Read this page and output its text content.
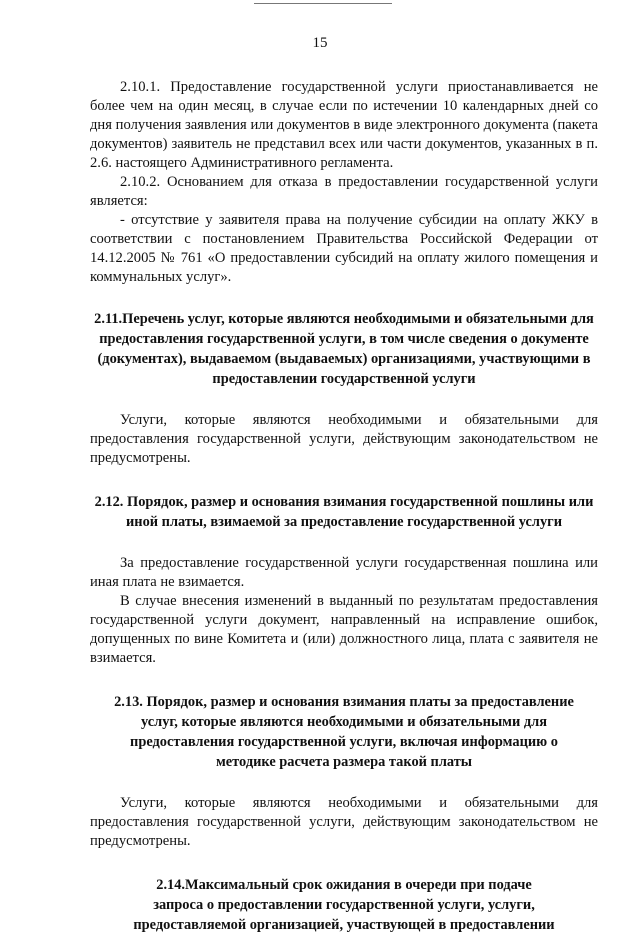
15

2.10.1. Предоставление государственной услуги приостанавливается не более чем на один месяц, в случае если по истечении 10 календарных дней со дня получения заявления или документов в виде электронного документа (пакета документов) заявитель не представил всех или части документов, указанных в п. 2.6. настоящего Административного регламента.

2.10.2. Основанием для отказа в предоставлении государственной услуги является:

- отсутствие у заявителя права на получение субсидии на оплату ЖКУ в соответствии с постановлением Правительства Российской Федерации от 14.12.2005 № 761 «О предоставлении субсидий на оплату жилого помещения и коммунальных услуг».

2.11.Перечень услуг, которые являются необходимыми и обязательными для предоставления государственной услуги, в том числе сведения о документе (документах), выдаваемом (выдаваемых) организациями, участвующими в предоставлении государственной услуги

Услуги, которые являются необходимыми и обязательными для предоставления государственной услуги, действующим законодательством не предусмотрены.

2.12. Порядок, размер и основания взимания государственной пошлины или иной платы, взимаемой за предоставление государственной услуги

За предоставление государственной услуги государственная пошлина или иная плата не взимается.

В случае внесения изменений в выданный по результатам предоставления государственной услуги документ, направленный на исправление ошибок, допущенных по вине Комитета и (или) должностного лица, плата с заявителя не взимается.

2.13. Порядок, размер и основания взимания платы за предоставление услуг, которые являются необходимыми и обязательными для предоставления государственной услуги, включая информацию о методике расчета размера такой платы

Услуги, которые являются необходимыми и обязательными для предоставления государственной услуги, действующим законодательством не предусмотрены.

2.14.Максимальный срок ожидания в очереди при подаче запроса о предоставлении государственной услуги, услуги, предоставляемой организацией, участвующей в предоставлении
